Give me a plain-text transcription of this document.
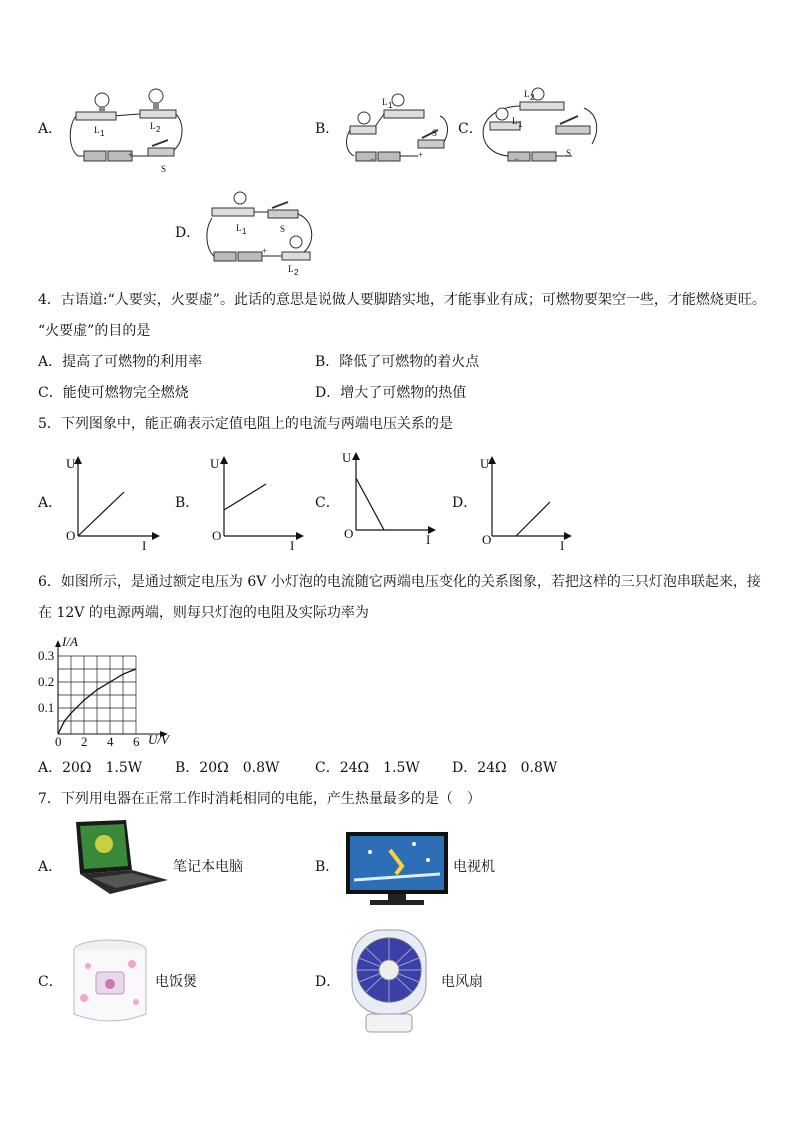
A．	L 1
L 2
S
+
B．
L 1
S
−	+
C．
L 2
L 1
S
−
D．	L 1	S
L 2
+
4．古语道:“人要实，火要虚”。此话的意思是说做人要脚踏实地，才能事业有成；可燃物要架空一些，才能燃烧更旺。
“火要虚”的目的是
A．提高了可燃物的利用率	B．降低了可燃物的着火点
C．能使可燃物完全燃烧	D．增大了可燃物的热值
5．下列图象中，能正确表示定值电阻上的电流与两端电压关系的是
A．
U
O
I
B．
U
O
I
C．
U
O	I
D．
U
O	I
6．如图所示，是通过额定电压为 6V 小灯泡的电流随它两端电压变化的关系图象，若把这样的三只灯泡串联起来，接
在 12V 的电源两端，则每只灯泡的电阻及实际功率为
0 2 4 6
0.1
0.2
0.3
I/A
U/V
A．20Ω　1.5W B．20Ω　0.8W	C．24Ω　1.5W D．24Ω　0.8W
7．下列用电器在正常工作时消耗相同的电能，产生热量最多的是（　）
A．	笔记本电脑	B．	电视机
C．	电饭煲	D．	电风扇
